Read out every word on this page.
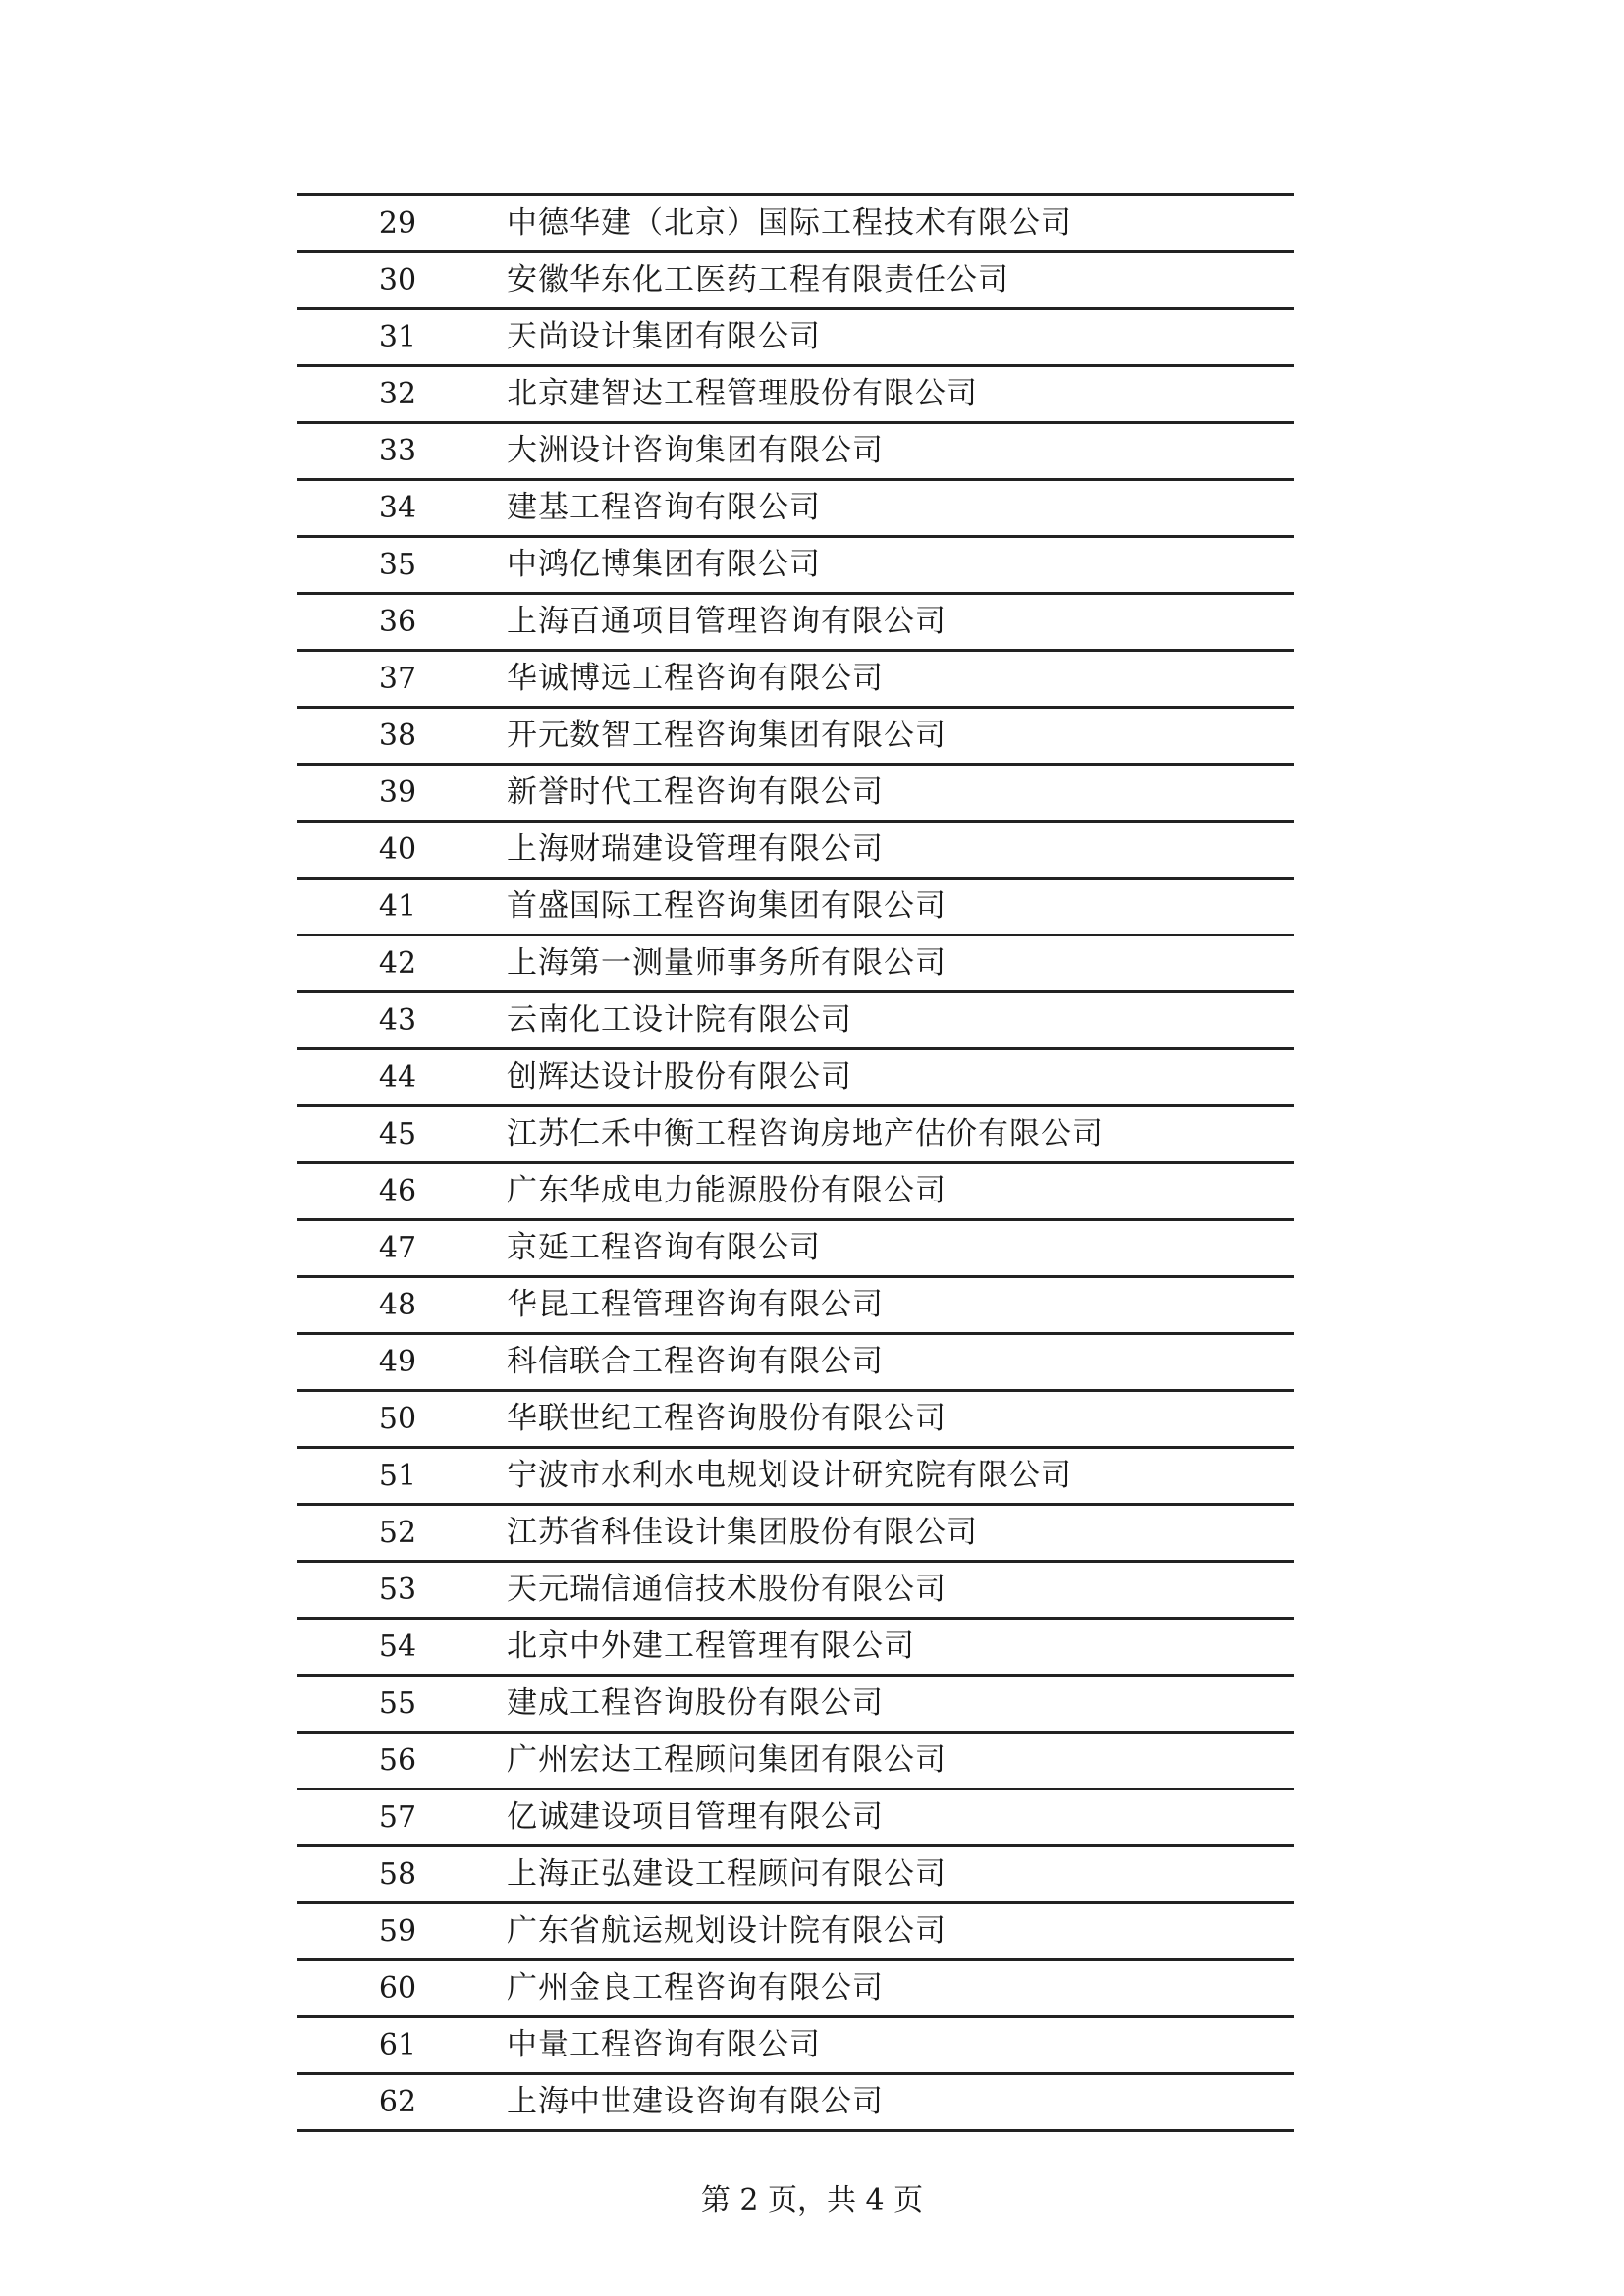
29	中德华建（北京）国际工程技术有限公司
30	安徽华东化工医药工程有限责任公司
31	天尚设计集团有限公司
32	北京建智达工程管理股份有限公司
33	大洲设计咨询集团有限公司
34	建基工程咨询有限公司
35	中鸿亿博集团有限公司
36	上海百通项目管理咨询有限公司
37	华诚博远工程咨询有限公司
38	开元数智工程咨询集团有限公司
39	新誉时代工程咨询有限公司
40	上海财瑞建设管理有限公司
41	首盛国际工程咨询集团有限公司
42	上海第一测量师事务所有限公司
43	云南化工设计院有限公司
44	创辉达设计股份有限公司
45	江苏仁禾中衡工程咨询房地产估价有限公司
46	广东华成电力能源股份有限公司
47	京延工程咨询有限公司
48	华昆工程管理咨询有限公司
49	科信联合工程咨询有限公司
50	华联世纪工程咨询股份有限公司
51	宁波市水利水电规划设计研究院有限公司
52	江苏省科佳设计集团股份有限公司
53	天元瑞信通信技术股份有限公司
54	北京中外建工程管理有限公司
55	建成工程咨询股份有限公司
56	广州宏达工程顾问集团有限公司
57	亿诚建设项目管理有限公司
58	上海正弘建设工程顾问有限公司
59	广东省航运规划设计院有限公司
60	广州金良工程咨询有限公司
61	中量工程咨询有限公司
62	上海中世建设咨询有限公司
第 2 页，共 4 页
